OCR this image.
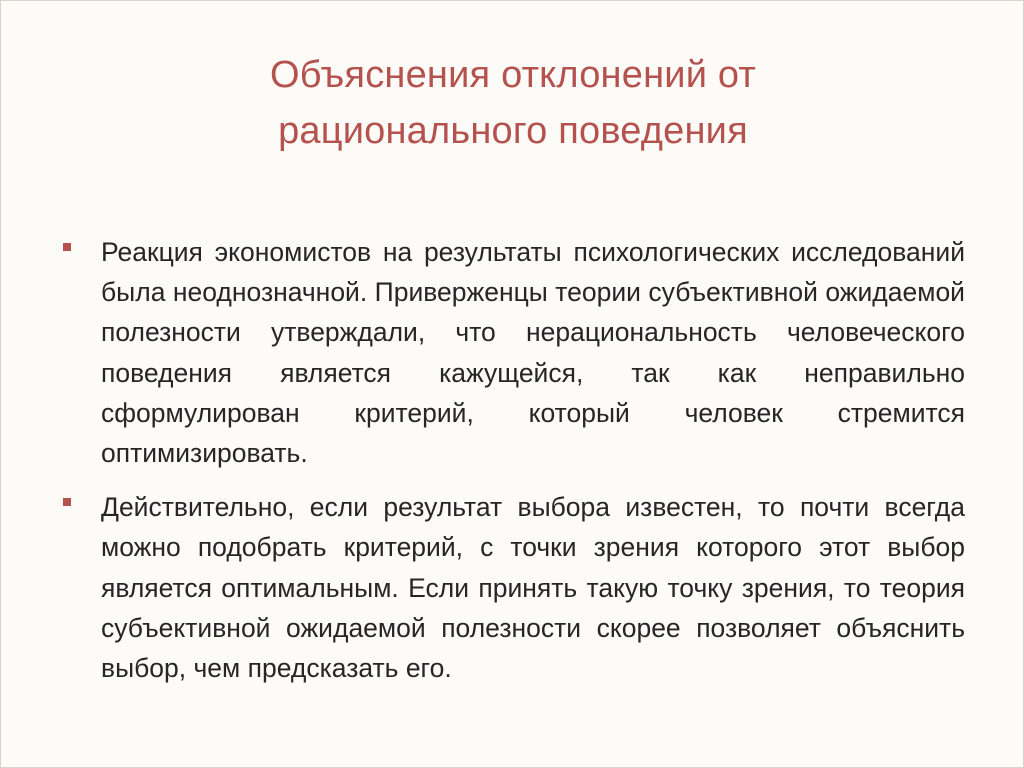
Объяснения отклонений от
рационального поведения
Реакция экономистов на результаты психологических исследований была неоднозначной. Приверженцы теории субъективной ожидаемой полезности утверждали, что нерациональность человеческого поведения является кажущейся, так как неправильно сформулирован критерий, который человек стремится оптимизировать.
Действительно, если результат выбора известен, то почти всегда можно подобрать критерий, с точки зрения которого этот выбор является оптимальным. Если принять такую точку зрения, то теория субъективной ожидаемой полезности скорее позволяет объяснить выбор, чем предсказать его.
